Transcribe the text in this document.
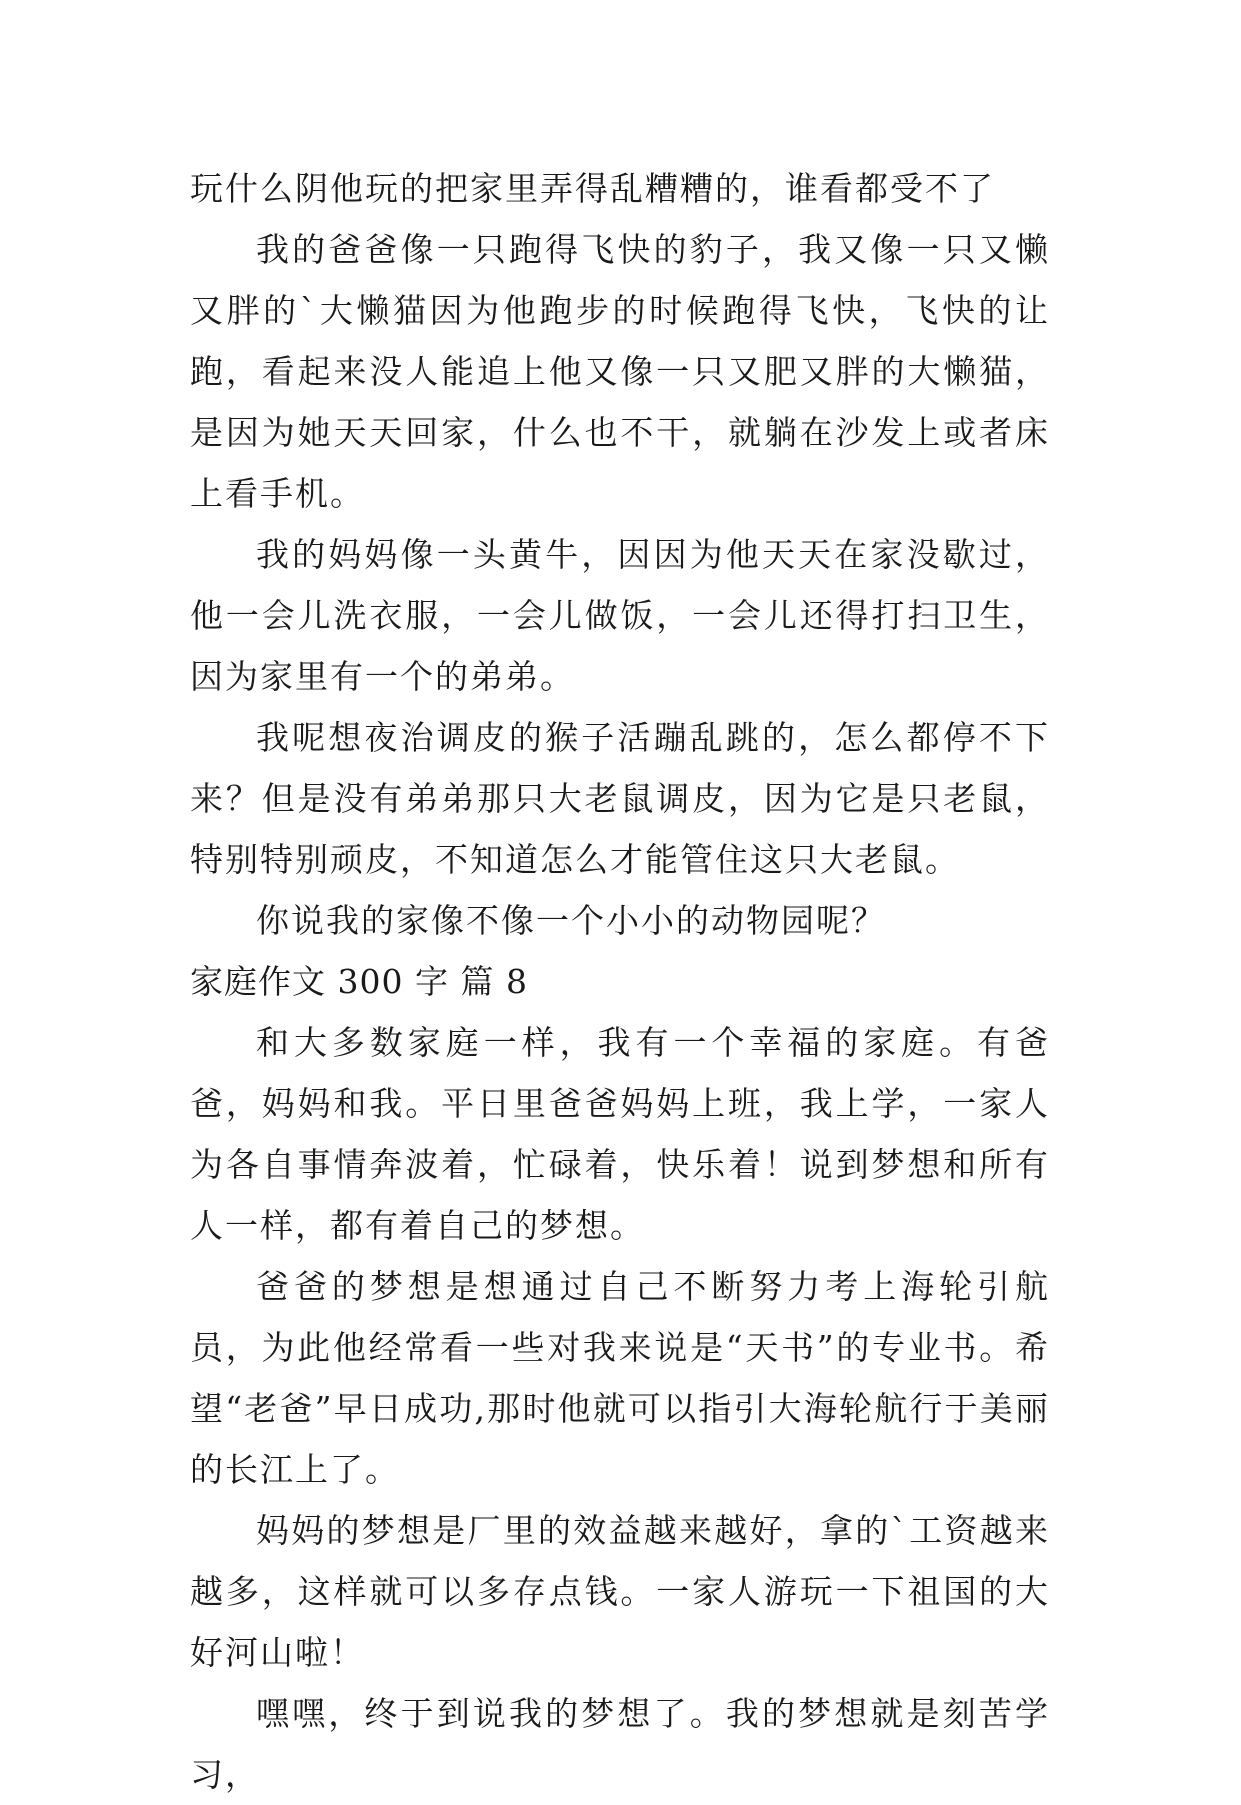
玩什么阴他玩的把家里弄得乱糟糟的，谁看都受不了

我的爸爸像一只跑得飞快的豹子，我又像一只又懒又胖的`大懒猫因为他跑步的时候跑得飞快，飞快的让跑，看起来没人能追上他又像一只又肥又胖的大懒猫，是因为她天天回家，什么也不干，就躺在沙发上或者床上看手机。

我的妈妈像一头黄牛，因因为他天天在家没歇过，他一会儿洗衣服，一会儿做饭，一会儿还得打扫卫生，因为家里有一个的弟弟。

我呢想夜治调皮的猴子活蹦乱跳的，怎么都停不下来？但是没有弟弟那只大老鼠调皮，因为它是只老鼠，特别特别顽皮，不知道怎么才能管住这只大老鼠。

你说我的家像不像一个小小的动物园呢？

家庭作文 300 字 篇 8

和大多数家庭一样，我有一个幸福的家庭。有爸爸，妈妈和我。平日里爸爸妈妈上班，我上学，一家人为各自事情奔波着，忙碌着，快乐着！说到梦想和所有人一样，都有着自己的梦想。

爸爸的梦想是想通过自己不断努力考上海轮引航员，为此他经常看一些对我来说是“天书”的专业书。希望“老爸”早日成功,那时他就可以指引大海轮航行于美丽的长江上了。

妈妈的梦想是厂里的效益越来越好，拿的`工资越来越多，这样就可以多存点钱。一家人游玩一下祖国的大好河山啦！

嘿嘿，终于到说我的梦想了。我的梦想就是刻苦学习，
